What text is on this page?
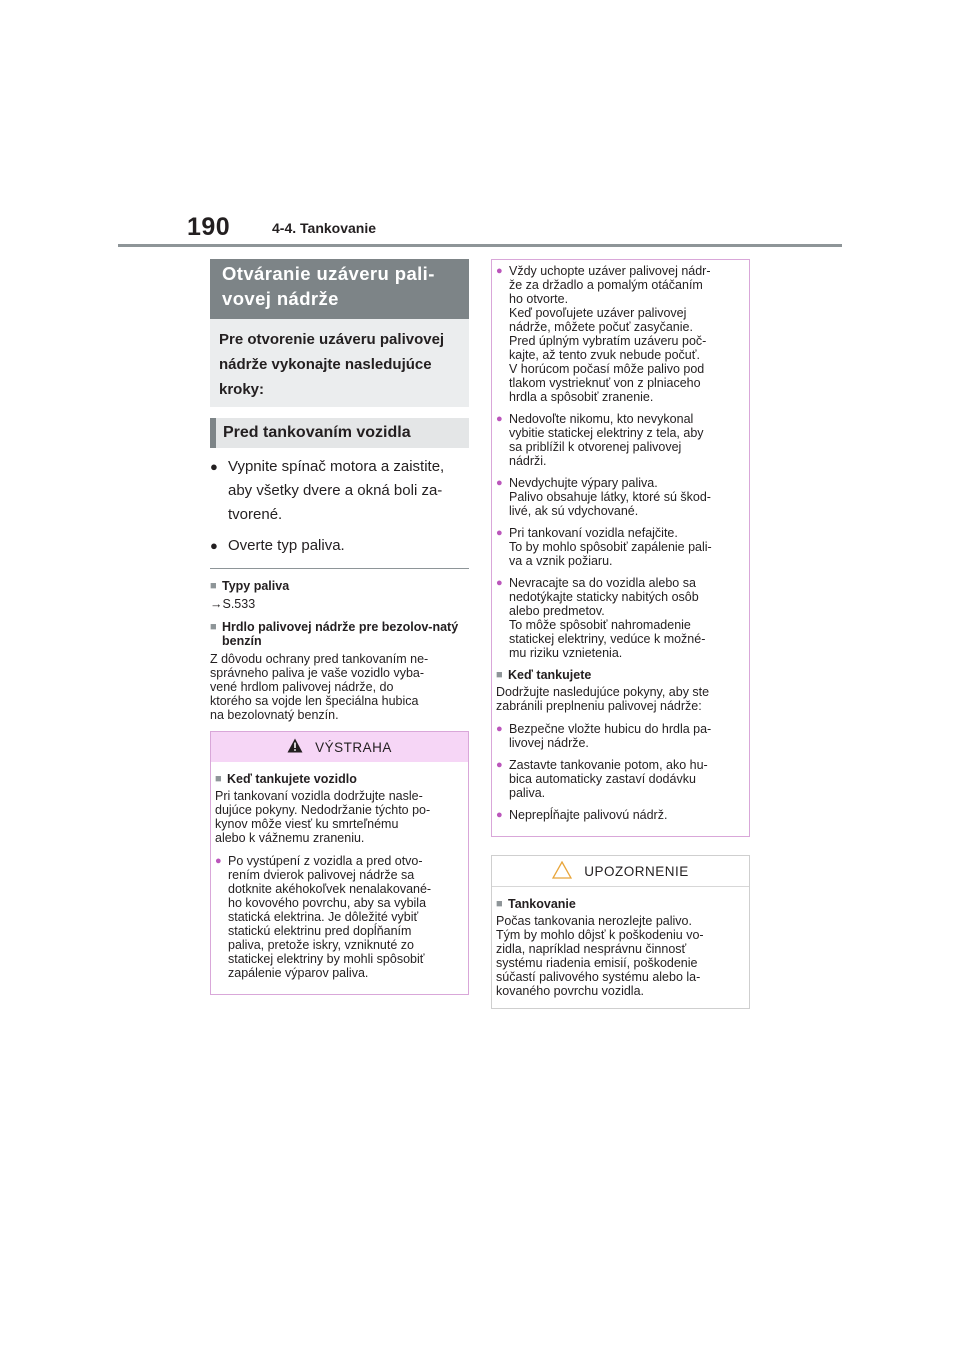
190	4-4. Tankovanie
Otváranie uzáveru pali-
vovej nádrže
Pre otvorenie uzáveru palivovej nádrže vykonajte nasledujúce kroky:
Pred tankovaním vozidla
● Vypnite spínač motora a zaistite, aby všetky dvere a okná boli za-tvorené.
● Overte typ paliva.
■ Typy paliva
→S.533
■ Hrdlo palivovej nádrže pre bezolov-natý benzín
Z dôvodu ochrany pred tankovaním ne-
správneho paliva je vaše vozidlo vyba-
vené hrdlom palivovej nádrže, do
ktorého sa vojde len špeciálna hubica
na bezolovnatý benzín.
VÝSTRAHA
■ Keď tankujete vozidlo
Pri tankovaní vozidla dodržujte nasle-
dujúce pokyny. Nedodržanie týchto po-
kynov môže viesť ku smrteľnému
alebo k vážnemu zraneniu.
● Po vystúpení z vozidla a pred otvo-
rením dvierok palivovej nádrže sa
dotknite akéhokoľvek nenalakované-
ho kovového povrchu, aby sa vybila
statická elektrina. Je dôležité vybiť
statickú elektrinu pred dopĺňaním
paliva, pretože iskry, vzniknuté zo
statickej elektriny by mohli spôsobiť
zapálenie výparov paliva.
● Vždy uchopte uzáver palivovej nádr-
že za držadlo a pomalým otáčaním
ho otvorte.
Keď povoľujete uzáver palivovej
nádrže, môžete počuť zasyčanie.
Pred úplným vybratím uzáveru poč-
kajte, až tento zvuk nebude počuť.
V horúcom počasí môže palivo pod
tlakom vystrieknuť von z plniaceho
hrdla a spôsobiť zranenie.
● Nedovoľte nikomu, kto nevykonal
vybitie statickej elektriny z tela, aby
sa priblížil k otvorenej palivovej
nádrži.
● Nevdychujte výpary paliva.
Palivo obsahuje látky, ktoré sú škod-
livé, ak sú vdychované.
● Pri tankovaní vozidla nefajčite.
To by mohlo spôsobiť zapálenie pali-
va a vznik požiaru.
● Nevracajte sa do vozidla alebo sa
nedotýkajte staticky nabitých osôb
alebo predmetov.
To môže spôsobiť nahromadenie
statickej elektriny, vedúce k možné-
mu riziku vznietenia.
■ Keď tankujete
Dodržujte nasledujúce pokyny, aby ste
zabránili preplneniu palivovej nádrže:
● Bezpečne vložte hubicu do hrdla pa-
livovej nádrže.
● Zastavte tankovanie potom, ako hu-
bica automaticky zastaví dodávku
paliva.
● Neprepĺňajte palivovú nádrž.
UPOZORNENIE
■ Tankovanie
Počas tankovania nerozlejte palivo.
Tým by mohlo dôjsť k poškodeniu vo-
zidla, napríklad nesprávnu činnosť
systému riadenia emisií, poškodenie
súčastí palivového systému alebo la-
kovaného povrchu vozidla.
